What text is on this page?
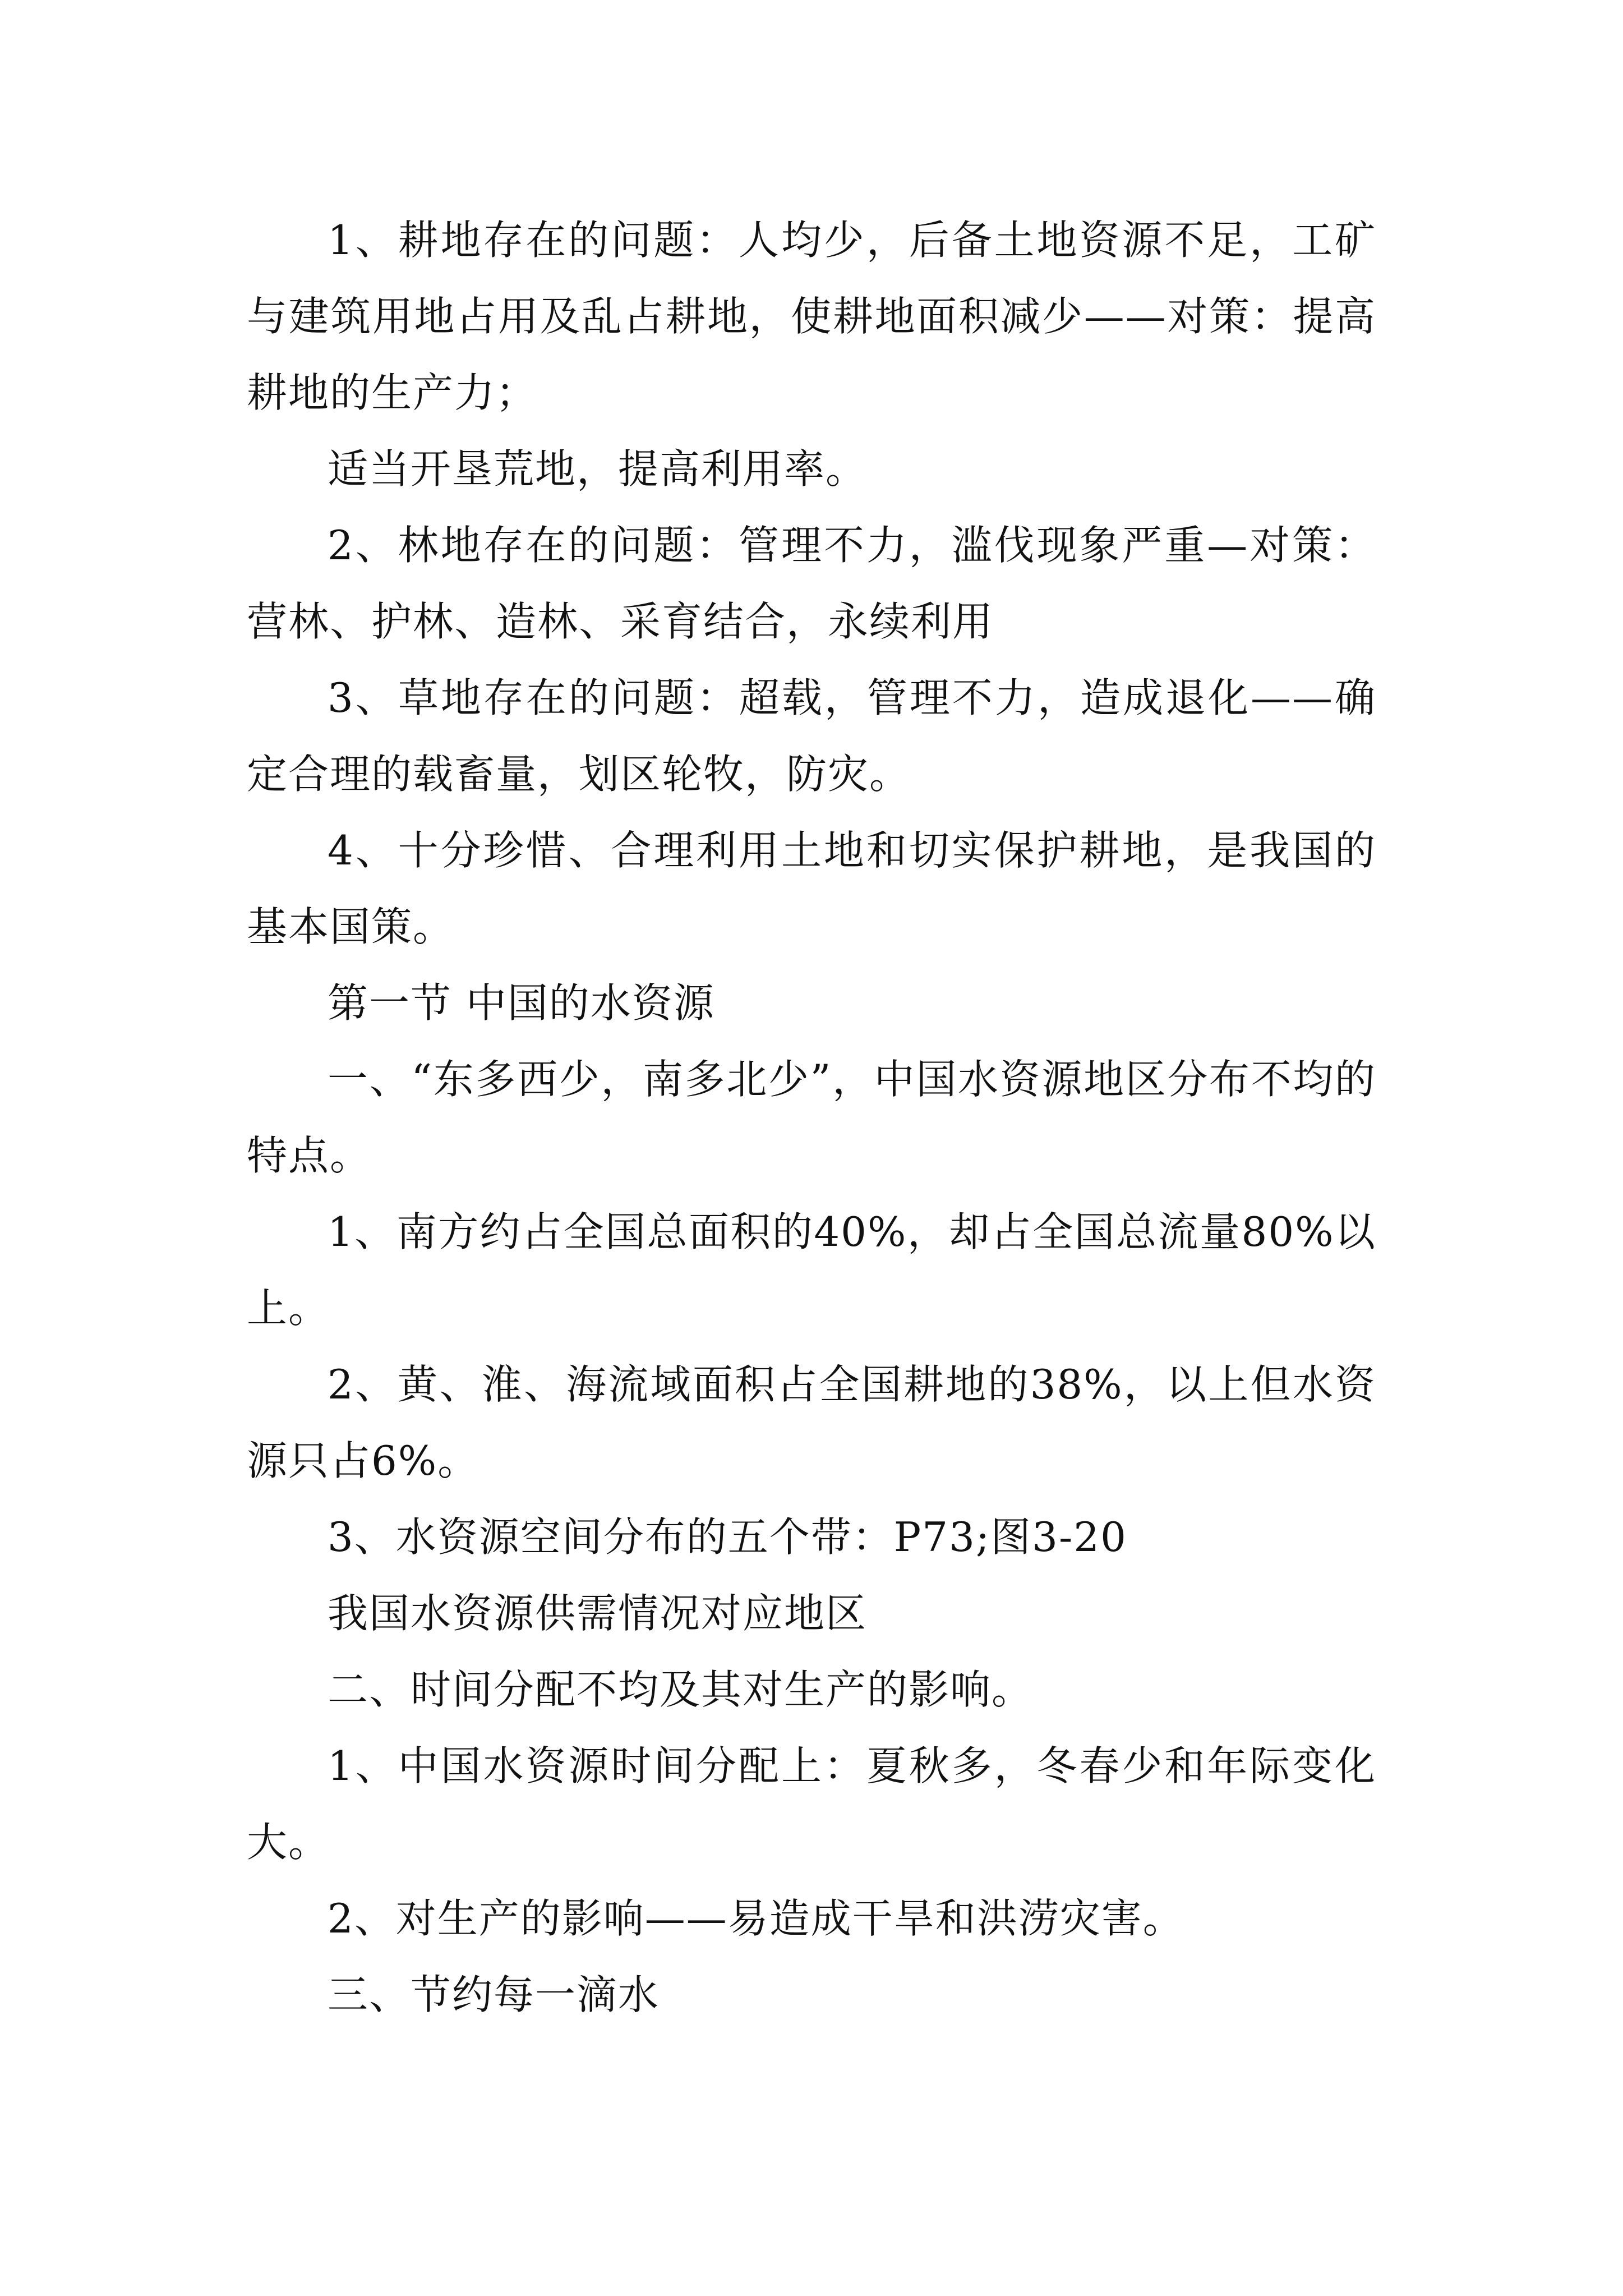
1、耕地存在的问题：人均少，后备土地资源不足，工矿与建筑用地占用及乱占耕地，使耕地面积减少——对策：提高耕地的生产力；

适当开垦荒地，提高利用率。

2、林地存在的问题：管理不力，滥伐现象严重—对策：营林、护林、造林、采育结合，永续利用

3、草地存在的问题：超载，管理不力，造成退化——确定合理的载畜量，划区轮牧，防灾。

4、十分珍惜、合理利用土地和切实保护耕地，是我国的基本国策。

第一节 中国的水资源

一、“东多西少，南多北少”，中国水资源地区分布不均的特点。

1、南方约占全国总面积的40%，却占全国总流量80%以上。

2、黄、淮、海流域面积占全国耕地的38%，以上但水资源只占6%。

3、水资源空间分布的五个带：P73;图3-20

我国水资源供需情况对应地区

二、时间分配不均及其对生产的影响。

1、中国水资源时间分配上：夏秋多，冬春少和年际变化大。

2、对生产的影响——易造成干旱和洪涝灾害。

三、节约每一滴水
